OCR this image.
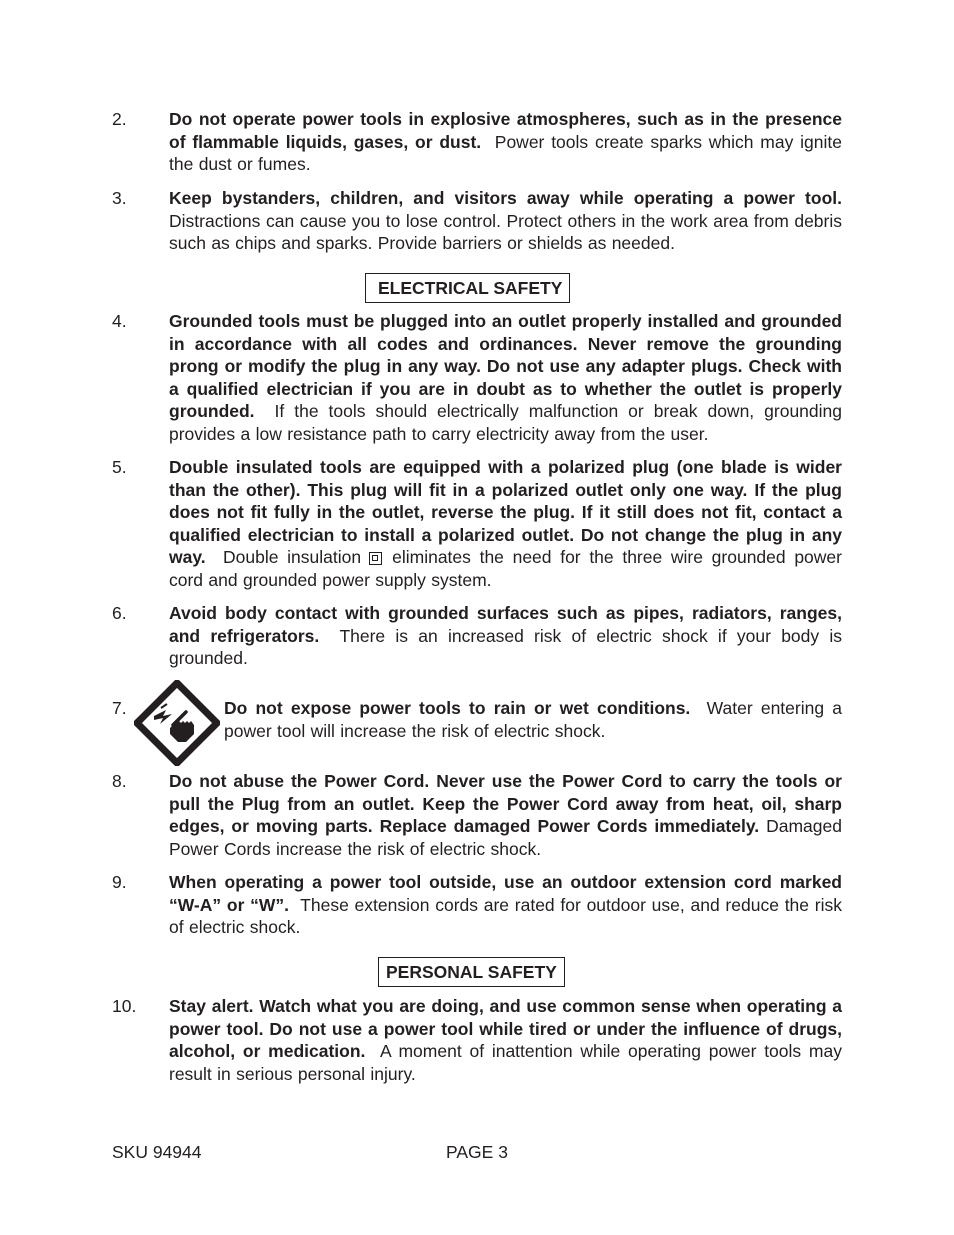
2. Do not operate power tools in explosive atmospheres, such as in the presence of flammable liquids, gases, or dust. Power tools create sparks which may ignite the dust or fumes.
3. Keep bystanders, children, and visitors away while operating a power tool. Distractions can cause you to lose control. Protect others in the work area from debris such as chips and sparks. Provide barriers or shields as needed.
ELECTRICAL SAFETY
4. Grounded tools must be plugged into an outlet properly installed and grounded in accordance with all codes and ordinances. Never remove the grounding prong or modify the plug in any way. Do not use any adapter plugs. Check with a qualified electrician if you are in doubt as to whether the outlet is properly grounded. If the tools should electrically malfunction or break down, grounding provides a low resistance path to carry electricity away from the user.
5. Double insulated tools are equipped with a polarized plug (one blade is wider than the other). This plug will fit in a polarized outlet only one way. If the plug does not fit fully in the outlet, reverse the plug. If it still does not fit, contact a qualified electrician to install a polarized outlet. Do not change the plug in any way. Double insulation eliminates the need for the three wire grounded power cord and grounded power supply system.
6. Avoid body contact with grounded surfaces such as pipes, radiators, ranges, and refrigerators. There is an increased risk of electric shock if your body is grounded.
7.	Do not expose power tools to rain or wet conditions. Water entering a power tool will increase the risk of electric shock.
8. Do not abuse the Power Cord. Never use the Power Cord to carry the tools or pull the Plug from an outlet. Keep the Power Cord away from heat, oil, sharp edges, or moving parts. Replace damaged Power Cords immediately. Damaged Power Cords increase the risk of electric shock.
9. When operating a power tool outside, use an outdoor extension cord marked “W-A” or “W”. These extension cords are rated for outdoor use, and reduce the risk of electric shock.
PERSONAL SAFETY
10. Stay alert. Watch what you are doing, and use common sense when operating a power tool. Do not use a power tool while tired or under the influence of drugs, alcohol, or medication. A moment of inattention while operating power tools may result in serious personal injury.
SKU 94944	PAGE 3
